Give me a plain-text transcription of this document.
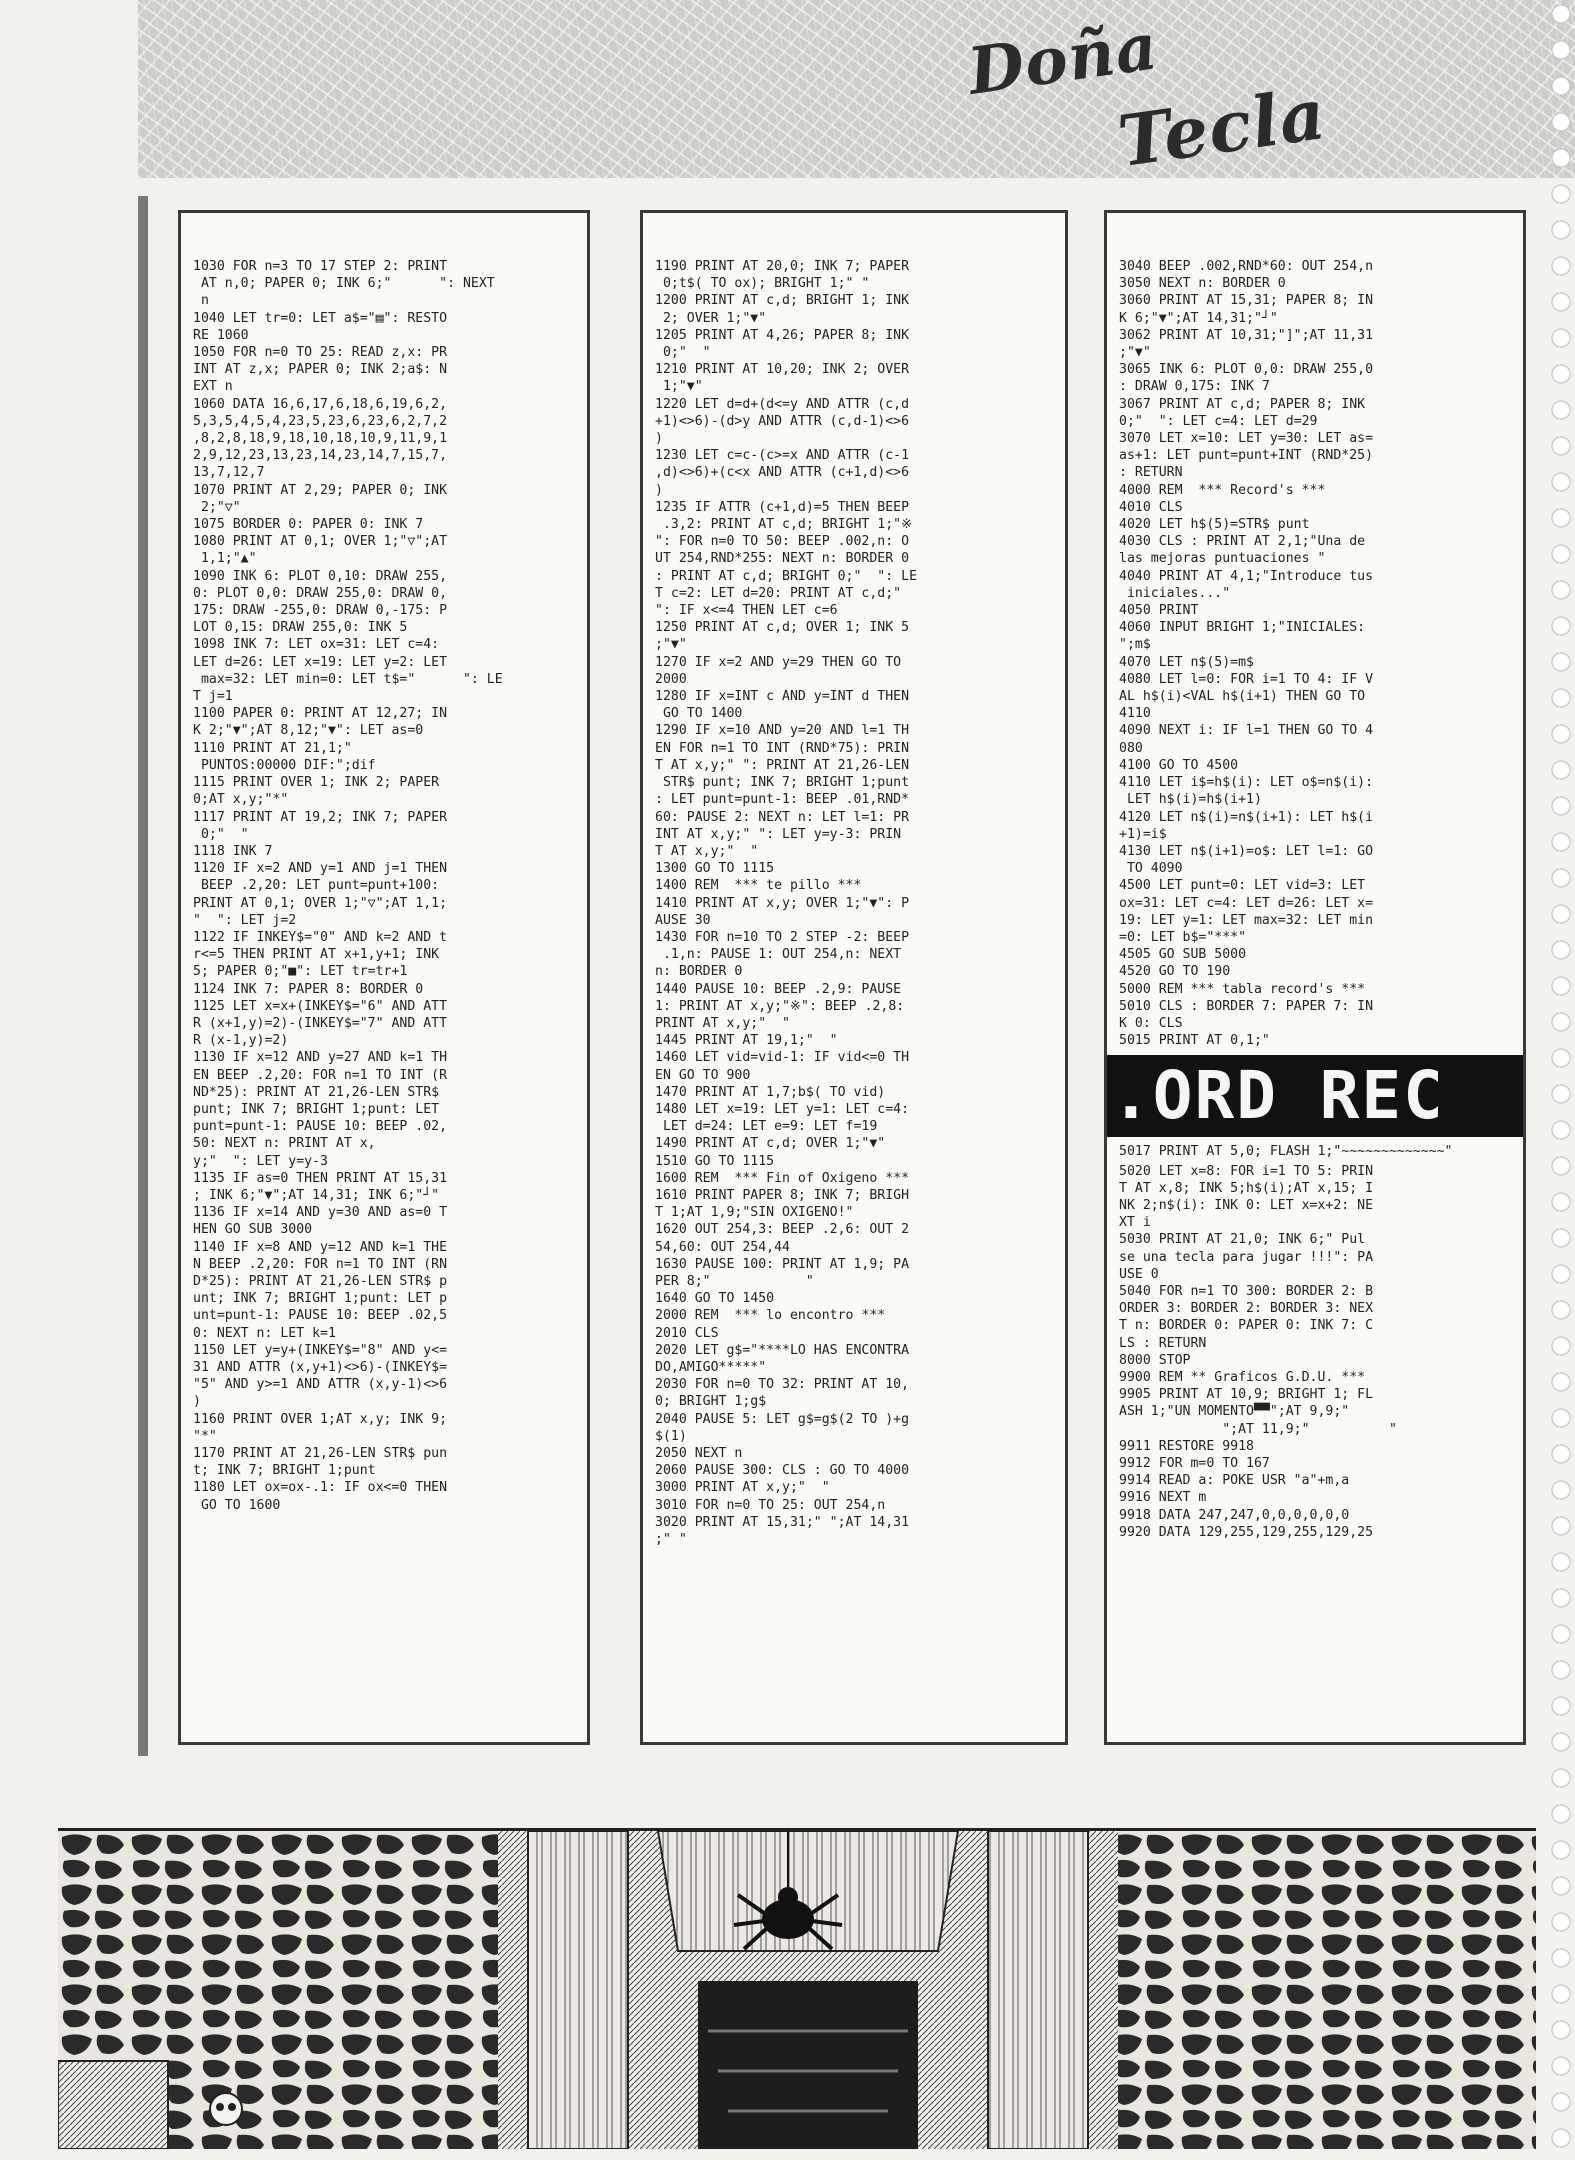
Doña
Tecla
1030 FOR n=3 TO 17 STEP 2: PRINT
AT n,0; PAPER 0; INK 6;"      ": NEXT
n
1040 LET tr=0: LET a$="▤": RESTO
RE 1060
1050 FOR n=0 TO 25: READ z,x: PR
INT AT z,x; PAPER 0; INK 2;a$: N
EXT n
1060 DATA 16,6,17,6,18,6,19,6,2,
5,3,5,4,5,4,23,5,23,6,23,6,2,7,2
,8,2,8,18,9,18,10,18,10,9,11,9,1
2,9,12,23,13,23,14,23,14,7,15,7,
13,7,12,7
1070 PRINT AT 2,29; PAPER 0; INK
2;"▽"
1075 BORDER 0: PAPER 0: INK 7
1080 PRINT AT 0,1; OVER 1;"▽";AT
1,1;"▲"
1090 INK 6: PLOT 0,10: DRAW 255,
0: PLOT 0,0: DRAW 255,0: DRAW 0,
175: DRAW -255,0: DRAW 0,-175: P
LOT 0,15: DRAW 255,0: INK 5
1098 INK 7: LET ox=31: LET c=4:
LET d=26: LET x=19: LET y=2: LET
max=32: LET min=0: LET t$="      ": LE
T j=1
1100 PAPER 0: PRINT AT 12,27; IN
K 2;"▼";AT 8,12;"▼": LET as=0
1110 PRINT AT 21,1;"
PUNTOS:00000 DIF:";dif
1115 PRINT OVER 1; INK 2; PAPER
0;AT x,y;"*"
1117 PRINT AT 19,2; INK 7; PAPER
0;"  "
1118 INK 7
1120 IF x=2 AND y=1 AND j=1 THEN
BEEP .2,20: LET punt=punt+100:
PRINT AT 0,1; OVER 1;"▽";AT 1,1;
"  ": LET j=2
1122 IF INKEY$="0" AND k=2 AND t
r<=5 THEN PRINT AT x+1,y+1; INK
5; PAPER 0;"■": LET tr=tr+1
1124 INK 7: PAPER 8: BORDER 0
1125 LET x=x+(INKEY$="6" AND ATT
R (x+1,y)=2)-(INKEY$="7" AND ATT
R (x-1,y)=2)
1130 IF x=12 AND y=27 AND k=1 TH
EN BEEP .2,20: FOR n=1 TO INT (R
ND*25): PRINT AT 21,26-LEN STR$
punt; INK 7; BRIGHT 1;punt: LET
punt=punt-1: PAUSE 10: BEEP .02,
50: NEXT n: PRINT AT x,
y;"  ": LET y=y-3
1135 IF as=0 THEN PRINT AT 15,31
; INK 6;"▼";AT 14,31; INK 6;"┘"
1136 IF x=14 AND y=30 AND as=0 T
HEN GO SUB 3000
1140 IF x=8 AND y=12 AND k=1 THE
N BEEP .2,20: FOR n=1 TO INT (RN
D*25): PRINT AT 21,26-LEN STR$ p
unt; INK 7; BRIGHT 1;punt: LET p
unt=punt-1: PAUSE 10: BEEP .02,5
0: NEXT n: LET k=1
1150 LET y=y+(INKEY$="8" AND y<=
31 AND ATTR (x,y+1)<>6)-(INKEY$=
"5" AND y>=1 AND ATTR (x,y-1)<>6
)
1160 PRINT OVER 1;AT x,y; INK 9;
"*"
1170 PRINT AT 21,26-LEN STR$ pun
t; INK 7; BRIGHT 1;punt
1180 LET ox=ox-.1: IF ox<=0 THEN
GO TO 1600
1190 PRINT AT 20,0; INK 7; PAPER
0;t$( TO ox); BRIGHT 1;" "
1200 PRINT AT c,d; BRIGHT 1; INK
2; OVER 1;"▼"
1205 PRINT AT 4,26; PAPER 8; INK
0;"  "
1210 PRINT AT 10,20; INK 2; OVER
1;"▼"
1220 LET d=d+(d<=y AND ATTR (c,d
+1)<>6)-(d>y AND ATTR (c,d-1)<>6
)
1230 LET c=c-(c>=x AND ATTR (c-1
,d)<>6)+(c<x AND ATTR (c+1,d)<>6
)
1235 IF ATTR (c+1,d)=5 THEN BEEP
.3,2: PRINT AT c,d; BRIGHT 1;"※
": FOR n=0 TO 50: BEEP .002,n: O
UT 254,RND*255: NEXT n: BORDER 0
: PRINT AT c,d; BRIGHT 0;"  ": LE
T c=2: LET d=20: PRINT AT c,d;"
": IF x<=4 THEN LET c=6
1250 PRINT AT c,d; OVER 1; INK 5
;"▼"
1270 IF x=2 AND y=29 THEN GO TO
2000
1280 IF x=INT c AND y=INT d THEN
GO TO 1400
1290 IF x=10 AND y=20 AND l=1 TH
EN FOR n=1 TO INT (RND*75): PRIN
T AT x,y;" ": PRINT AT 21,26-LEN
STR$ punt; INK 7; BRIGHT 1;punt
: LET punt=punt-1: BEEP .01,RND*
60: PAUSE 2: NEXT n: LET l=1: PR
INT AT x,y;" ": LET y=y-3: PRIN
T AT x,y;"  "
1300 GO TO 1115
1400 REM  *** te pillo ***
1410 PRINT AT x,y; OVER 1;"▼": P
AUSE 30
1430 FOR n=10 TO 2 STEP -2: BEEP
.1,n: PAUSE 1: OUT 254,n: NEXT
n: BORDER 0
1440 PAUSE 10: BEEP .2,9: PAUSE
1: PRINT AT x,y;"※": BEEP .2,8:
PRINT AT x,y;"  "
1445 PRINT AT 19,1;"  "
1460 LET vid=vid-1: IF vid<=0 TH
EN GO TO 900
1470 PRINT AT 1,7;b$( TO vid)
1480 LET x=19: LET y=1: LET c=4:
LET d=24: LET e=9: LET f=19
1490 PRINT AT c,d; OVER 1;"▼"
1510 GO TO 1115
1600 REM  *** Fin of Oxigeno ***
1610 PRINT PAPER 8; INK 7; BRIGH
T 1;AT 1,9;"SIN OXIGENO!"
1620 OUT 254,3: BEEP .2,6: OUT 2
54,60: OUT 254,44
1630 PAUSE 100: PRINT AT 1,9; PA
PER 8;"            "
1640 GO TO 1450
2000 REM  *** lo encontro ***
2010 CLS
2020 LET g$="****LO HAS ENCONTRA
DO,AMIGO*****"
2030 FOR n=0 TO 32: PRINT AT 10,
0; BRIGHT 1;g$
2040 PAUSE 5: LET g$=g$(2 TO )+g
$(1)
2050 NEXT n
2060 PAUSE 300: CLS : GO TO 4000
3000 PRINT AT x,y;"  "
3010 FOR n=0 TO 25: OUT 254,n
3020 PRINT AT 15,31;" ";AT 14,31
;" "
3040 BEEP .002,RND*60: OUT 254,n
3050 NEXT n: BORDER 0
3060 PRINT AT 15,31; PAPER 8; IN
K 6;"▼";AT 14,31;"┘"
3062 PRINT AT 10,31;"]";AT 11,31
;"▼"
3065 INK 6: PLOT 0,0: DRAW 255,0
: DRAW 0,175: INK 7
3067 PRINT AT c,d; PAPER 8; INK
0;"  ": LET c=4: LET d=29
3070 LET x=10: LET y=30: LET as=
as+1: LET punt=punt+INT (RND*25)
: RETURN
4000 REM  *** Record's ***
4010 CLS
4020 LET h$(5)=STR$ punt
4030 CLS : PRINT AT 2,1;"Una de
las mejoras puntuaciones "
4040 PRINT AT 4,1;"Introduce tus
iniciales..."
4050 PRINT
4060 INPUT BRIGHT 1;"INICIALES:
";m$
4070 LET n$(5)=m$
4080 LET l=0: FOR i=1 TO 4: IF V
AL h$(i)<VAL h$(i+1) THEN GO TO
4110
4090 NEXT i: IF l=1 THEN GO TO 4
080
4100 GO TO 4500
4110 LET i$=h$(i): LET o$=n$(i):
LET h$(i)=h$(i+1)
4120 LET n$(i)=n$(i+1): LET h$(i
+1)=i$
4130 LET n$(i+1)=o$: LET l=1: GO
TO 4090
4500 LET punt=0: LET vid=3: LET
ox=31: LET c=4: LET d=26: LET x=
19: LET y=1: LET max=32: LET min
=0: LET b$="***"
4505 GO SUB 5000
4520 GO TO 190
5000 REM *** tabla record's ***
5010 CLS : BORDER 7: PAPER 7: IN
K 0: CLS
5015 PRINT AT 0,1;"
.ORD REC
5017 PRINT AT 5,0; FLASH 1;"~~~~~~~~~~~~~"
5020 LET x=8: FOR i=1 TO 5: PRIN
T AT x,8; INK 5;h$(i);AT x,15; I
NK 2;n$(i): INK 0: LET x=x+2: NE
XT i
5030 PRINT AT 21,0; INK 6;" Pul
se una tecla para jugar !!!": PA
USE 0
5040 FOR n=1 TO 300: BORDER 2: B
ORDER 3: BORDER 2: BORDER 3: NEX
T n: BORDER 0: PAPER 0: INK 7: C
LS : RETURN
8000 STOP
9900 REM ** Graficos G.D.U. ***
9905 PRINT AT 10,9; BRIGHT 1; FL
ASH 1;"UN MOMENTO▀▀";AT 9,9;"
";AT 11,9;"          "
9911 RESTORE 9918
9912 FOR m=0 TO 167
9914 READ a: POKE USR "a"+m,a
9916 NEXT m
9918 DATA 247,247,0,0,0,0,0,0
9920 DATA 129,255,129,255,129,25
